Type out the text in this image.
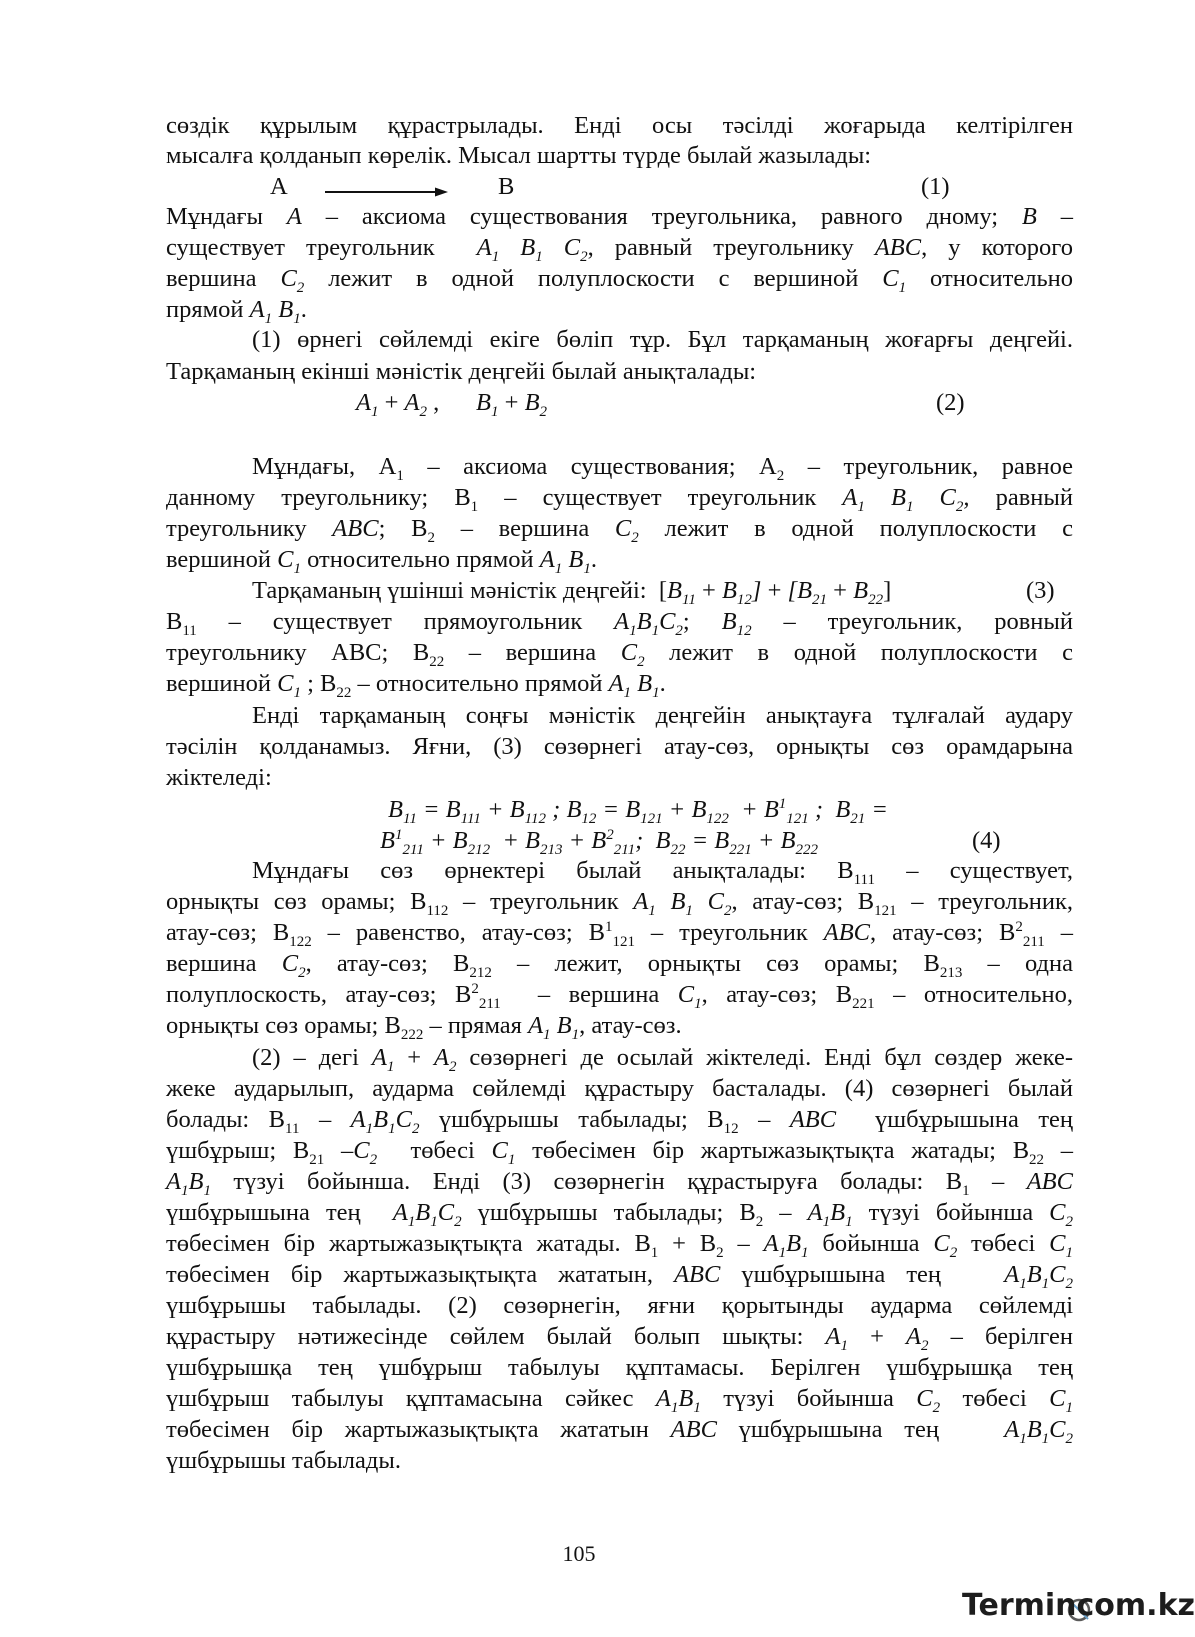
сөздік құрылым құрастрылады. Енді осы тәсілді жоғарыда келтірілген
мысалға қолданып көрелік. Мысал шартты түрде былай жазылады:
A	B	(1)
Мұндағы A – аксиома существования треугольника, равного дному; B –
существует треугольник  $A_1$ $B_1$ $C_2$, равный треугольнику ABC, у которого
вершина $C_2$ лежит в одной полуплоскости с вершиной $C_1$ относительно
прямой $A_1$ $B_1$.
(1) өрнегі сөйлемді екіге бөліп тұр. Бұл тарқаманың жоғарғы деңгейі.
Тарқаманың екінші мәністік деңгейі былай анықталады:
$A_1 + A_2$ ,      $B_1 + B_2$	(2)
Мұндағы, $А_1$ – аксиома существования; $А_2$ – треугольник, равное
данному треугольнику; $В_1$ – существует треугольник $A_1$ $B_1$ $C_2$, равный
треугольнику ABC; $В_2$ – вершина $C_2$ лежит в одной полуплоскости с
вершиной $C_1$ относительно прямой $A_1$ $B_1$.
Тарқаманың үшінші мәністік деңгейі:  $[B_{11} + B_{12}] + [B_{21} + B_{22}]$	(3)
$В_{11}$ – существует прямоугольник $A_1B_1C_2$; $B_{12}$ – треугольник, ровный
треугольнику АВС; $В_{22}$ – вершина $C_2$ лежит в одной полуплоскости с
вершиной $C_1$ ; $В_{22}$ – относительно прямой $A_1$ $B_1$.
Енді тарқаманың соңғы мәністік деңгейін анықтауға тұлғалай аудару
тәсілін қолданамыз. Яғни, (3) сөзөрнегі атау-сөз, орнықты сөз орамдарына
жіктеледі:
$B_{11} = B_{111} + B_{112}$ ; $B_{12} = B_{121} + B_{122} + B^1_{121}$ ;  $B_{21}$ =
$B^1_{211} + B_{212} + B_{213} + B^2_{211}$;  $B_{22} = B_{221} + B_{222}$	(4)
Мұндағы сөз өрнектері былай анықталады: $В_{111}$ – существует,
орнықты сөз орамы; $В_{112}$ – треугольник $A_1$ $B_1$ $C_2$, атау-сөз; $В_{121}$ – треугольник,
атау-сөз; $В_{122}$ – равенство, атау-сөз; $В^1_{121}$ – треугольник ABC, атау-сөз; $В^2_{211}$ –
вершина $C_2$, атау-сөз; $В_{212}$ – лежит, орнықты сөз орамы; $В_{213}$ – одна
полуплоскость, атау-сөз; $В^2_{211}$  – вершина $C_1$, атау-сөз; $В_{221}$ – относительно,
орнықты сөз орамы; $В_{222}$ – прямая $A_1$ $B_1$, атау-сөз.
(2) – дегі $A_1 + A_2$ сөзөрнегі де осылай жіктеледі. Енді бұл сөздер жеке-
жеке аударылып, аударма сөйлемді құрастыру басталады. (4) сөзөрнегі былай
болады: $В_{11} - A_1B_1C_2$ үшбұрышы табылады; $В_{12}$ – ABC  үшбұрышына тең
үшбұрыш; $В_{21}$ $-C_2$  төбесі $C_1$ төбесімен бір жартыжазықтықта жатады; $В_{22}$ –
$A_1B_1$ түзуі бойынша. Енді (3) сөзөрнегін құрастыруға болады: $В_1$ – ABC
үшбұрышына тең  $A_1B_1C_2$ үшбұрышы табылады; $В_2 - A_1B_1$ түзуі бойынша $C_2$
төбесімен бір жартыжазықтықта жатады. $В_1 + В_2 - A_1B_1$ бойынша $C_2$ төбесі $C_1$
төбесімен бір жартыжазықтықта жататын, ABC үшбұрышына тең   $A_1B_1C_2$
үшбұрышы табылады. (2) сөзөрнегін, яғни қорытынды аударма сөйлемді
құрастыру нәтижесінде сөйлем былай болып шықты: $A_1 + A_2$ – берілген
үшбұрышқа тең үшбұрыш табылуы құптамасы. Берілген үшбұрышқа тең
үшбұрыш табылуы құптамасына сәйкес $A_1B_1$ түзуі бойынша $C_2$ төбесі $C_1$
төбесімен бір жартыжазықтықта жататын ABC үшбұрышына тең   $A_1B_1C_2$
үшбұрышы табылады.
105
Termincom.kz
